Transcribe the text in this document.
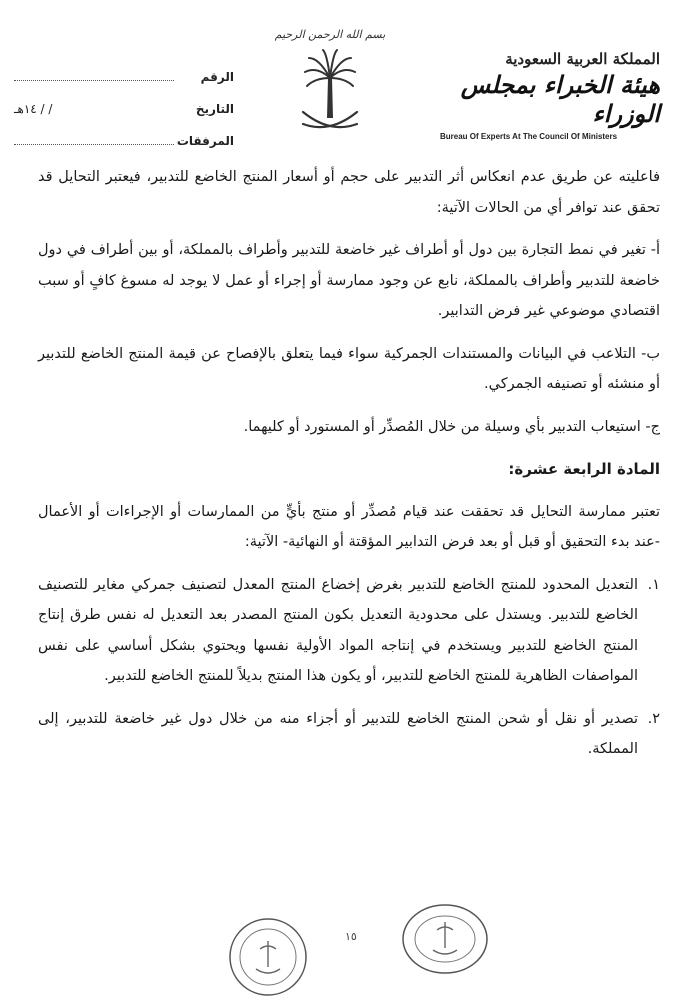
بسم الله الرحمن الرحيم
المملكة العربية السعودية
هيئة الخبراء بمجلس الوزراء
Bureau Of Experts At The Council Of Ministers
الرقم
التاريخ
/ / ١٤هـ
المرفقات

فاعليته عن طريق عدم انعكاس أثر التدبير على حجم أو أسعار المنتج الخاضع للتدبير، فيعتبر التحايل قد تحقق عند توافر أي من الحالات الآتية:

أ- تغير في نمط التجارة بين دول أو أطراف غير خاضعة للتدبير وأطراف بالمملكة، أو بين أطراف في دول خاضعة للتدبير وأطراف بالمملكة، نابع عن وجود ممارسة أو إجراء أو عمل لا يوجد له مسوغ كافٍ أو سبب اقتصادي موضوعي غير فرض التدابير.

ب- التلاعب في البيانات والمستندات الجمركية سواء فيما يتعلق بالإفصاح عن قيمة المنتج الخاضع للتدبير أو منشئه أو تصنيفه الجمركي.

ج- استيعاب التدبير بأي وسيلة من خلال المُصدِّر أو المستورد أو كليهما.

المادة الرابعة عشرة:

تعتبر ممارسة التحايل قد تحققت عند قيام مُصدِّر أو منتج بأيٍّ من الممارسات أو الإجراءات أو الأعمال -عند بدء التحقيق أو قبل أو بعد فرض التدابير المؤقتة أو النهائية- الآتية:

١.
التعديل المحدود للمنتج الخاضع للتدبير بغرض إخضاع المنتج المعدل لتصنيف جمركي مغاير للتصنيف الخاضع للتدبير. ويستدل على محدودية التعديل بكون المنتج المصدر بعد التعديل له نفس طرق إنتاج المنتج الخاضع للتدبير ويستخدم في إنتاجه المواد الأولية نفسها ويحتوي بشكل أساسي على نفس المواصفات الظاهرية للمنتج الخاضع للتدبير، أو يكون هذا المنتج بديلاً للمنتج الخاضع للتدبير.

٢.
تصدير أو نقل أو شحن المنتج الخاضع للتدبير أو أجزاء منه من خلال دول غير خاضعة للتدبير، إلى المملكة.

١٥
